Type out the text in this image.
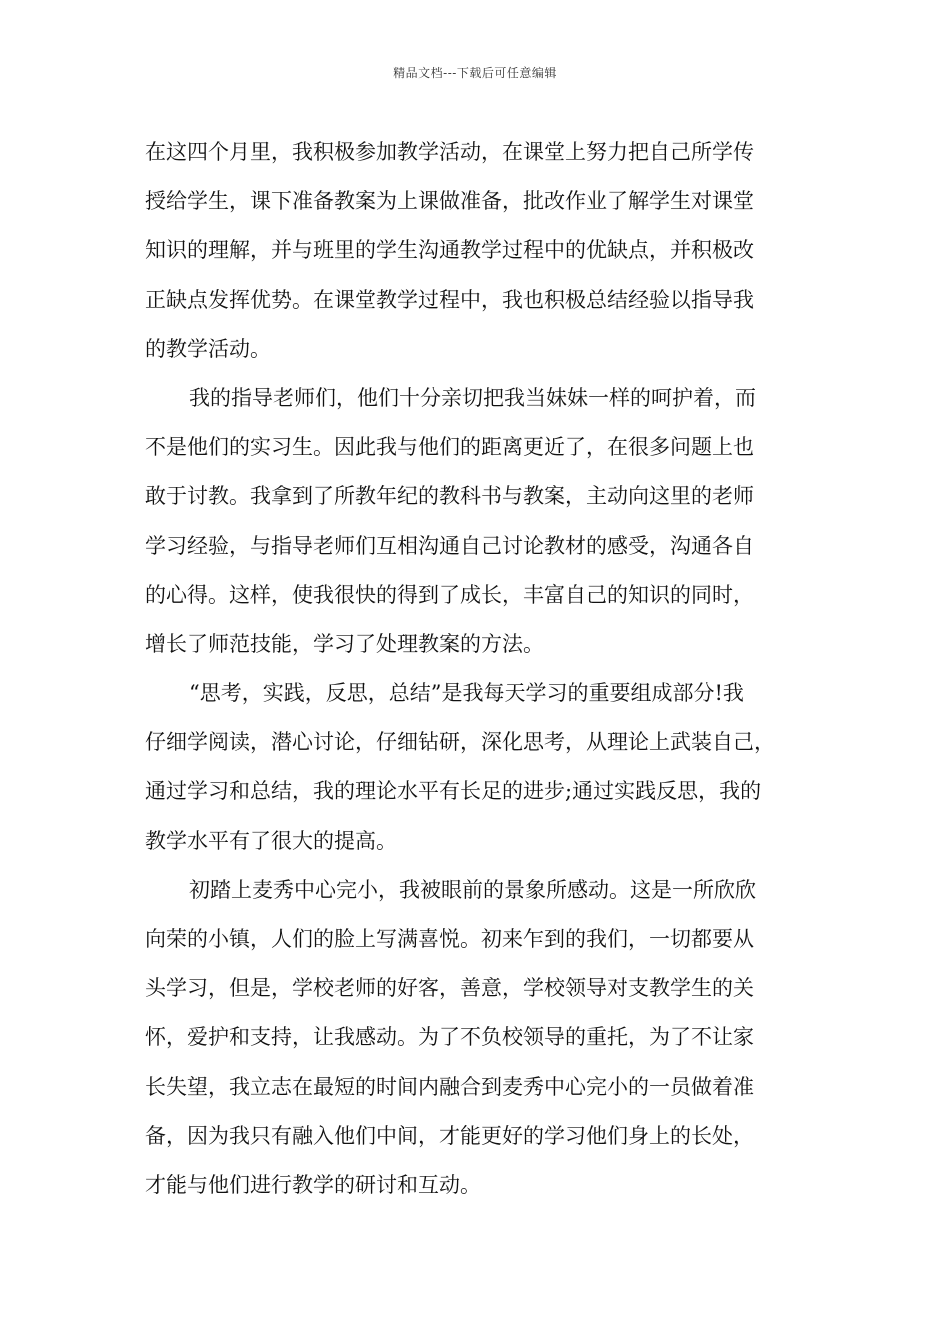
精品文档---下载后可任意编辑
在这四个月里，我积极参加教学活动，在课堂上努力把自己所学传
授给学生，课下准备教案为上课做准备，批改作业了解学生对课堂
知识的理解，并与班里的学生沟通教学过程中的优缺点，并积极改
正缺点发挥优势。在课堂教学过程中，我也积极总结经验以指导我
的教学活动。
我的指导老师们，他们十分亲切把我当妹妹一样的呵护着，而
不是他们的实习生。因此我与他们的距离更近了，在很多问题上也
敢于讨教。我拿到了所教年纪的教科书与教案，主动向这里的老师
学习经验，与指导老师们互相沟通自己讨论教材的感受，沟通各自
的心得。这样，使我很快的得到了成长，丰富自己的知识的同时，
增长了师范技能，学习了处理教案的方法。
“思考，实践，反思，总结”是我每天学习的重要组成部分!我
仔细学阅读，潜心讨论，仔细钻研，深化思考，从理论上武装自己，
通过学习和总结，我的理论水平有长足的进步;通过实践反思，我的
教学水平有了很大的提高。
初踏上麦秀中心完小，我被眼前的景象所感动。这是一所欣欣
向荣的小镇，人们的脸上写满喜悦。初来乍到的我们，一切都要从
头学习，但是，学校老师的好客，善意，学校领导对支教学生的关
怀，爱护和支持，让我感动。为了不负校领导的重托，为了不让家
长失望，我立志在最短的时间内融合到麦秀中心完小的一员做着准
备，因为我只有融入他们中间，才能更好的学习他们身上的长处，
才能与他们进行教学的研讨和互动。
